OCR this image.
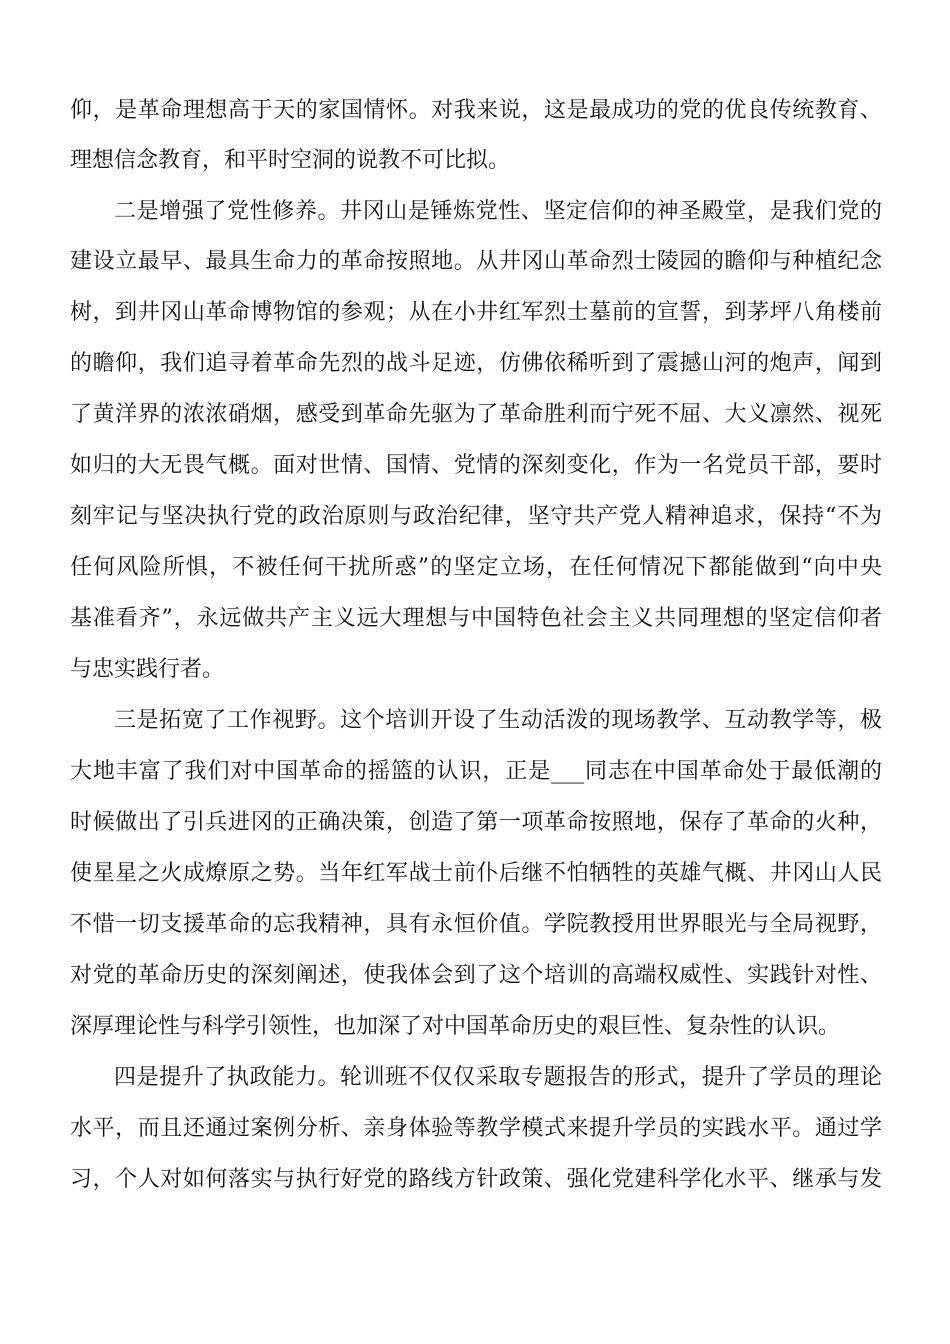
仰，是革命理想高于天的家国情怀。对我来说，这是最成功的党的优良传统教育、
理想信念教育，和平时空洞的说教不可比拟。
二是增强了党性修养。井冈山是锤炼党性、坚定信仰的神圣殿堂，是我们党的
建设立最早、最具生命力的革命按照地。从井冈山革命烈士陵园的瞻仰与种植纪念
树，到井冈山革命博物馆的参观；从在小井红军烈士墓前的宣誓，到茅坪八角楼前
的瞻仰，我们追寻着革命先烈的战斗足迹，仿佛依稀听到了震撼山河的炮声，闻到
了黄洋界的浓浓硝烟，感受到革命先驱为了革命胜利而宁死不屈、大义凛然、视死
如归的大无畏气概。面对世情、国情、党情的深刻变化，作为一名党员干部，要时
刻牢记与坚决执行党的政治原则与政治纪律，坚守共产党人精神追求，保持“不为
任何风险所惧，不被任何干扰所惑”的坚定立场，在任何情况下都能做到“向中央
基准看齐”，永远做共产主义远大理想与中国特色社会主义共同理想的坚定信仰者
与忠实践行者。
三是拓宽了工作视野。这个培训开设了生动活泼的现场教学、互动教学等，极
大地丰富了我们对中国革命的摇篮的认识，正是___同志在中国革命处于最低潮的
时候做出了引兵进冈的正确决策，创造了第一项革命按照地，保存了革命的火种，
使星星之火成燎原之势。当年红军战士前仆后继不怕牺牲的英雄气概、井冈山人民
不惜一切支援革命的忘我精神，具有永恒价值。学院教授用世界眼光与全局视野，
对党的革命历史的深刻阐述，使我体会到了这个培训的高端权威性、实践针对性、
深厚理论性与科学引领性，也加深了对中国革命历史的艰巨性、复杂性的认识。
四是提升了执政能力。轮训班不仅仅采取专题报告的形式，提升了学员的理论
水平，而且还通过案例分析、亲身体验等教学模式来提升学员的实践水平。通过学
习，个人对如何落实与执行好党的路线方针政策、强化党建科学化水平、继承与发
